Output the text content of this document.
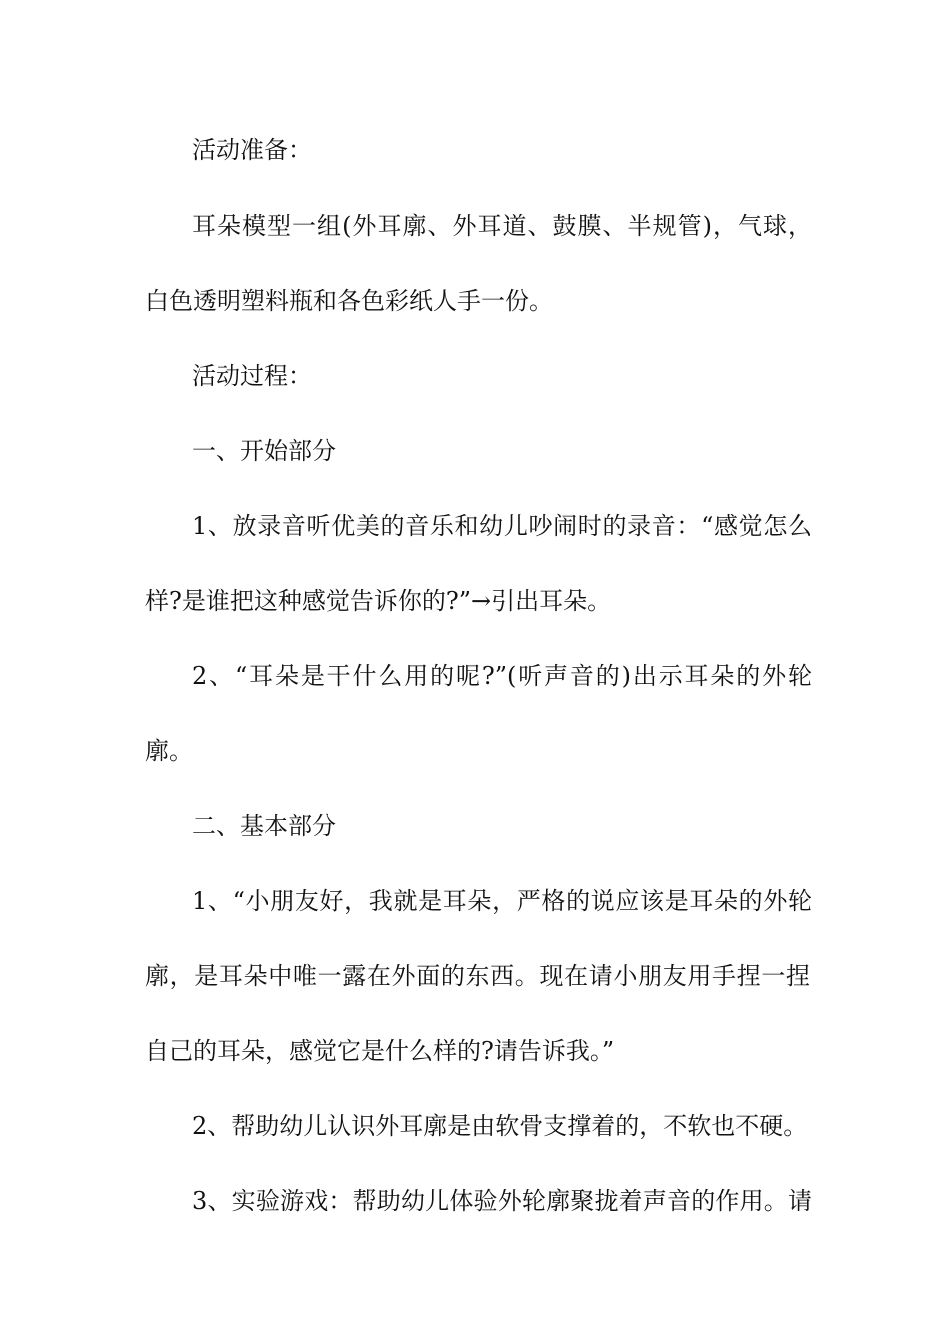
活动准备：
耳朵模型一组(外耳廓、外耳道、鼓膜、半规管)，气球，
白色透明塑料瓶和各色彩纸人手一份。
活动过程：
一、开始部分
1、放录音听优美的音乐和幼儿吵闹时的录音：“感觉怎么
样?是谁把这种感觉告诉你的?”→引出耳朵。
2、“耳朵是干什么用的呢?”(听声音的)出示耳朵的外轮
廓。
二、基本部分
1、“小朋友好，我就是耳朵，严格的说应该是耳朵的外轮
廓，是耳朵中唯一露在外面的东西。现在请小朋友用手捏一捏
自己的耳朵，感觉它是什么样的?请告诉我。”
2、帮助幼儿认识外耳廓是由软骨支撑着的，不软也不硬。
3、实验游戏：帮助幼儿体验外轮廓聚拢着声音的作用。请
